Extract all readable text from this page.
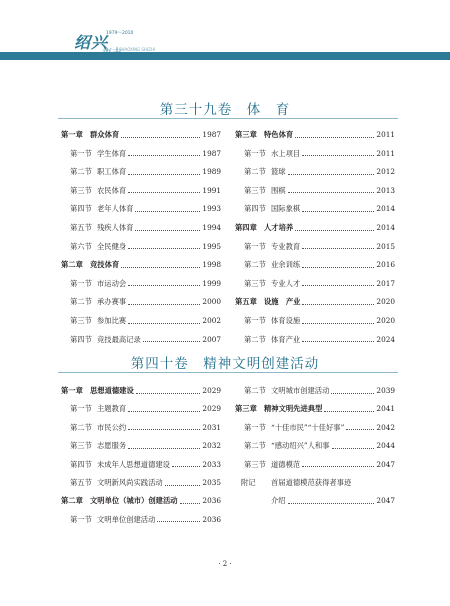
绍兴
1979～2010
市志
SHAOXING SHIZHI
第三十九卷　体　育
第一章 群众体育	1987
第一节 学生体育	1987
第二节 职工体育	1989
第三节 农民体育	1991
第四节 老年人体育	1993
第五节 残疾人体育	1994
第六节 全民健身	1995
第二章 竞技体育	1998
第一节 市运动会	1999
第二节 承办赛事	2000
第三节 参加比赛	2002
第四节 竞技最高记录	2007
第三章 特色体育	2011
第一节 水上项目	2011
第二节 篮球	2012
第三节 围棋	2013
第四节 国际象棋	2014
第四章 人才培养	2014
第一节 专业教育	2015
第二节 业余训练	2016
第三节 专业人才	2017
第五章 设施　产业	2020
第一节 体育设施	2020
第二节 体育产业	2024
第四十卷　精神文明创建活动
第一章 思想道德建设	2029
第一节 主题教育	2029
第二节 市民公约	2031
第三节 志愿服务	2032
第四节 未成年人思想道德建设	2033
第五节 文明新风尚实践活动	2035
第二章 文明单位（城市）创建活动	2036
第一节 文明单位创建活动	2036
第二节 文明城市创建活动	2039
第三章 精神文明先进典型	2041
第一节 “十佳市民”“十佳好事”	2042
第二节 “感动绍兴”人和事	2044
第三节 道德模范	2047
附记	首届道德模范获得者事迹
介绍	2047
· 2 ·
